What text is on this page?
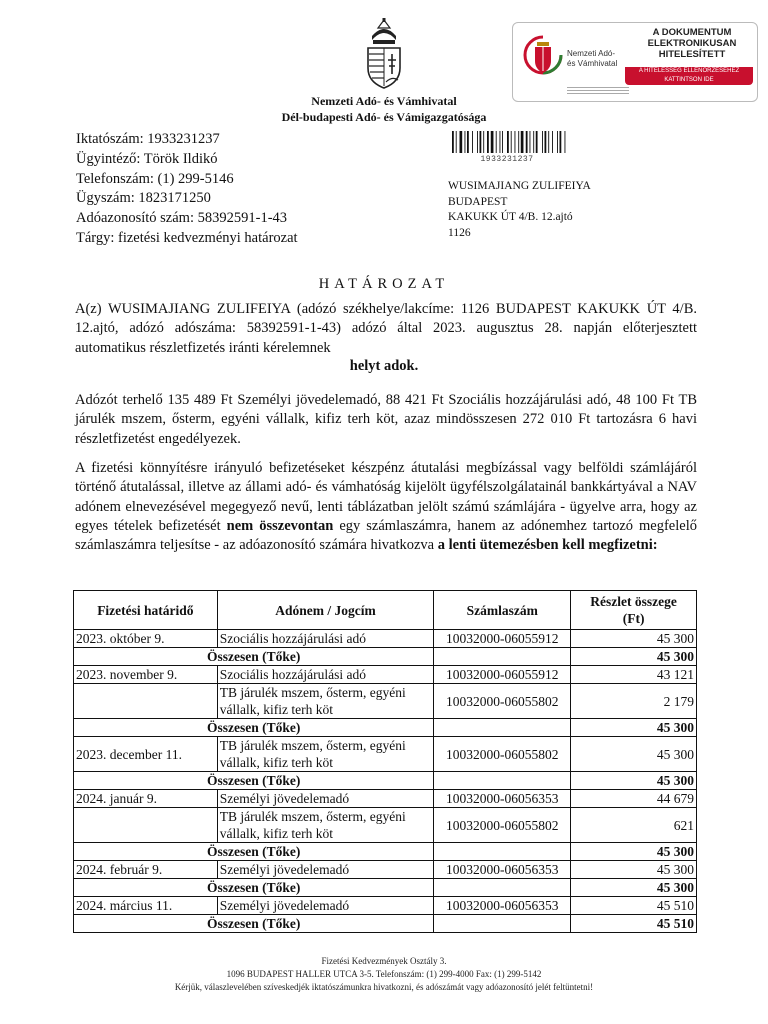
Nemzeti Adó- és Vámhivatal
Dél-budapesti Adó- és Vámigazgatósága
Nemzeti Adó-
és Vámhivatal
A DOKUMENTUM
ELEKTRONIKUSAN
HITELESÍTETT
A HITELESSÉG ELLENŐRZÉSÉHEZ
KATTINTSON IDE
Iktatószám: 1933231237
Ügyintéző: Török Ildikó
Telefonszám: (1) 299-5146
Ügyszám: 1823171250
Adóazonosító szám: 58392591-1-43
Tárgy: fizetési kedvezményi határozat
1933231237
WUSIMAJIANG ZULIFEIYA
BUDAPEST
KAKUKK ÚT 4/B. 12.ajtó
1126
HATÁROZAT
A(z) WUSIMAJIANG ZULIFEIYA (adózó székhelye/lakcíme: 1126 BUDAPEST KAKUKK ÚT 4/B. 12.ajtó, adózó adószáma: 58392591-1-43) adózó által 2023. augusztus 28. napján előterjesztett automatikus részletfizetés iránti kérelemnek
helyt adok.
Adózót terhelő 135 489 Ft Személyi jövedelemadó, 88 421 Ft Szociális hozzájárulási adó, 48 100 Ft TB járulék mszem, ősterm, egyéni vállalk, kifiz terh köt, azaz mindösszesen 272 010 Ft tartozásra 6 havi részletfizetést engedélyezek.
A fizetési könnyítésre irányuló befizetéseket készpénz átutalási megbízással vagy belföldi számlájáról történő átutalással, illetve az állami adó- és vámhatóság kijelölt ügyfélszolgálatainál bankkártyával a NAV adónem elnevezésével megegyező nevű, lenti táblázatban jelölt számú számlájára - ügyelve arra, hogy az egyes tételek befizetését nem összevontan egy számlaszámra, hanem az adónemhez tartozó megfelelő számlaszámra teljesítse - az adóazonosító számára hivatkozva a lenti ütemezésben kell megfizetni:
Fizetési határidő	Adónem / Jogcím	Számlaszám	Részlet összege
(Ft)

2023. október 9.	Szociális hozzájárulási adó	10032000-06055912	45 300
Összesen (Tőke)			45 300
2023. november 9.	Szociális hozzájárulási adó	10032000-06055912	43 121
	TB járulék mszem, ősterm, egyéni vállalk, kifiz terh köt	10032000-06055802	2 179
Összesen (Tőke)			45 300
2023. december 11.	TB járulék mszem, ősterm, egyéni vállalk, kifiz terh köt	10032000-06055802	45 300
Összesen (Tőke)			45 300
2024. január 9.	Személyi jövedelemadó	10032000-06056353	44 679
	TB járulék mszem, ősterm, egyéni vállalk, kifiz terh köt	10032000-06055802	621
Összesen (Tőke)			45 300
2024. február 9.	Személyi jövedelemadó	10032000-06056353	45 300
Összesen (Tőke)			45 300
2024. március 11.	Személyi jövedelemadó	10032000-06056353	45 510
Összesen (Tőke)			45 510
Fizetési Kedvezmények Osztály 3.
1096 BUDAPEST HALLER UTCA 3-5. Telefonszám: (1) 299-4000 Fax: (1) 299-5142
Kérjük, válaszlevelében szíveskedjék iktatószámunkra hivatkozni, és adószámát vagy adóazonosító jelét feltüntetni!
